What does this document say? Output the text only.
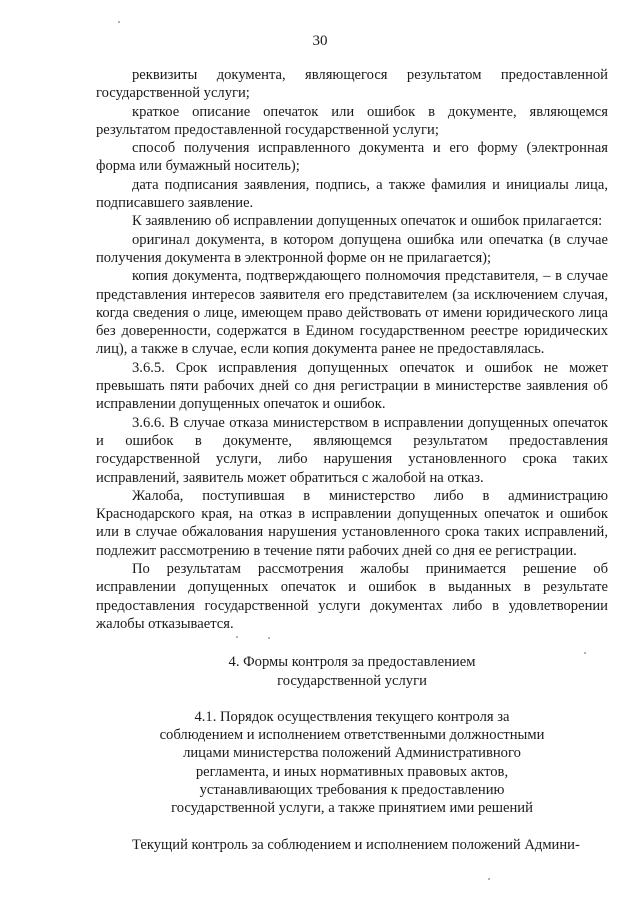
30

реквизиты документа, являющегося результатом предоставленной государственной услуги;

краткое описание опечаток или ошибок в документе, являющемся результатом предоставленной государственной услуги;

способ получения исправленного документа и его форму (электронная форма или бумажный носитель);

дата подписания заявления, подпись, а также фамилия и инициалы лица, подписавшего заявление.

К заявлению об исправлении допущенных опечаток и ошибок прилагается:

оригинал документа, в котором допущена ошибка или опечатка (в случае получения документа в электронной форме он не прилагается);

копия документа, подтверждающего полномочия представителя, – в случае представления интересов заявителя его представителем (за исключением случая, когда сведения о лице, имеющем право действовать от имени юридического лица без доверенности, содержатся в Едином государственном реестре юридических лиц), а также в случае, если копия документа ранее не предоставлялась.

3.6.5. Срок исправления допущенных опечаток и ошибок не может превышать пяти рабочих дней со дня регистрации в министерстве заявления об исправлении допущенных опечаток и ошибок.

3.6.6. В случае отказа министерством в исправлении допущенных опечаток и ошибок в документе, являющемся результатом предоставления государственной услуги, либо нарушения установленного срока таких исправлений, заявитель может обратиться с жалобой на отказ.

Жалоба, поступившая в министерство либо в администрацию Краснодарского края, на отказ в исправлении допущенных опечаток и ошибок или в случае обжалования нарушения установленного срока таких исправлений, подлежит рассмотрению в течение пяти рабочих дней со дня ее регистрации.

По результатам рассмотрения жалобы принимается решение об исправлении допущенных опечаток и ошибок в выданных в результате предоставления государственной услуги документах либо в удовлетворении жалобы отказывается.

4. Формы контроля за предоставлением
государственной услуги
4.1. Порядок осуществления текущего контроля за
соблюдением и исполнением ответственными должностными
лицами министерства положений Административного
регламента, и иных нормативных правовых актов,
устанавливающих требования к предоставлению
государственной услуги, а также принятием ими решений

Текущий контроль за соблюдением и исполнением положений Админи-
